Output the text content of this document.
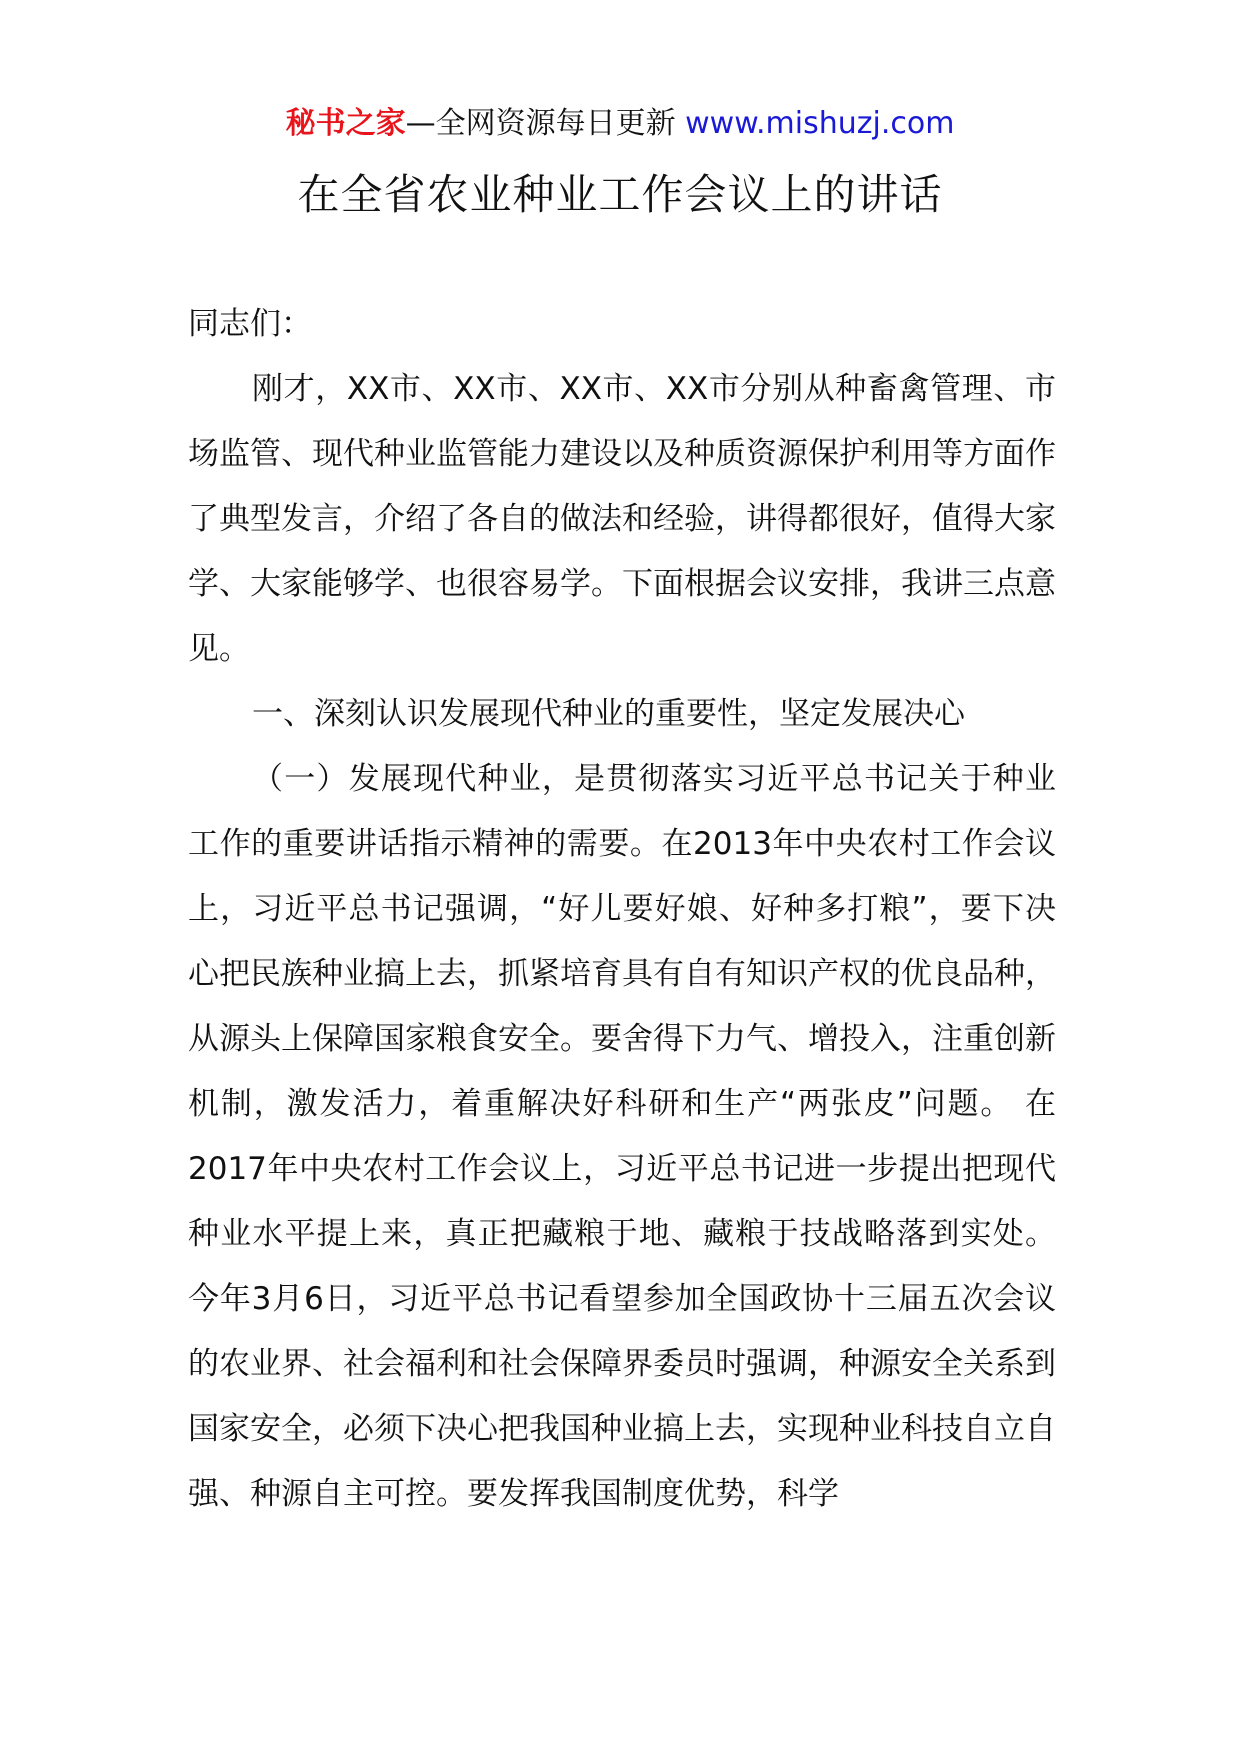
秘书之家—全网资源每日更新 www.mishuzj.com
在全省农业种业工作会议上的讲话

同志们：

刚才，XX市、XX市、XX市、XX市分别从种畜禽管理、市场监管、现代种业监管能力建设以及种质资源保护利用等方面作了典型发言，介绍了各自的做法和经验，讲得都很好，值得大家学、大家能够学、也很容易学。下面根据会议安排，我讲三点意见。

一、深刻认识发展现代种业的重要性，坚定发展决心

（一）发展现代种业，是贯彻落实习近平总书记关于种业工作的重要讲话指示精神的需要。在2013年中央农村工作会议上，习近平总书记强调，“好儿要好娘、好种多打粮”，要下决心把民族种业搞上去，抓紧培育具有自有知识产权的优良品种，从源头上保障国家粮食安全。要舍得下力气、增投入，注重创新机制，激发活力，着重解决好科研和生产“两张皮”问题。 在2017年中央农村工作会议上，习近平总书记进一步提出把现代种业水平提上来，真正把藏粮于地、藏粮于技战略落到实处。 今年3月6日，习近平总书记看望参加全国政协十三届五次会议的农业界、社会福利和社会保障界委员时强调，种源安全关系到国家安全，必须下决心把我国种业搞上去，实现种业科技自立自强、种源自主可控。要发挥我国制度优势，科学
